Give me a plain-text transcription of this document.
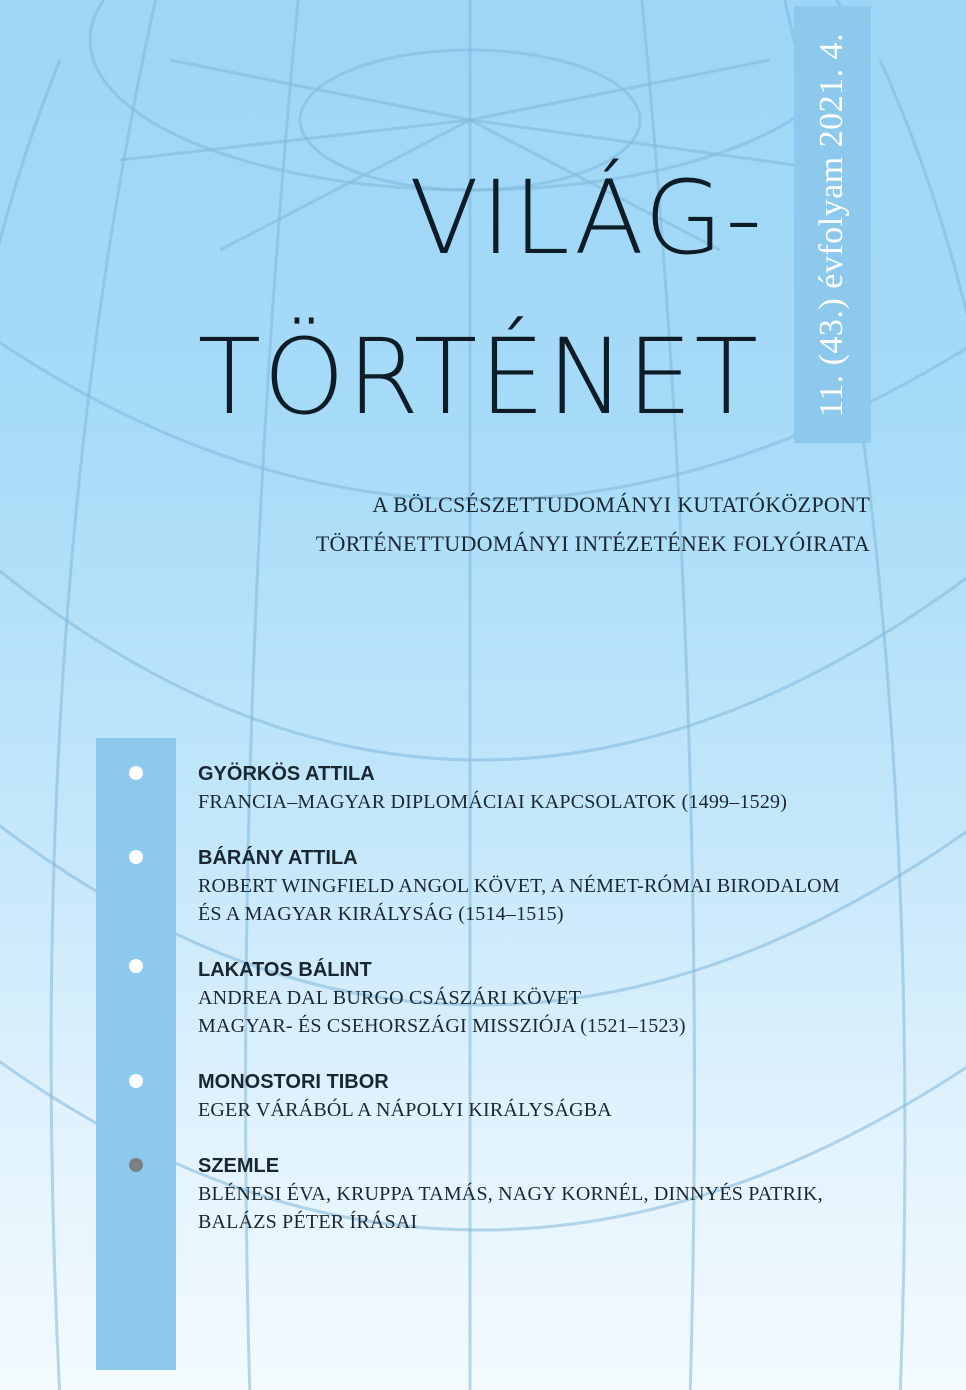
11. (43.) évfolyam 2021. 4.
VILÁG-
TÖRTÉNET
A BÖLCSÉSZETTUDOMÁNYI KUTATÓKÖZPONT
TÖRTÉNETTUDOMÁNYI INTÉZETÉNEK FOLYÓIRATA
GYÖRKÖS ATTILA
FRANCIA–MAGYAR DIPLOMÁCIAI KAPCSOLATOK (1499–1529)
BÁRÁNY ATTILA
ROBERT WINGFIELD ANGOL KÖVET, A NÉMET-RÓMAI BIRODALOM
ÉS A MAGYAR KIRÁLYSÁG (1514–1515)
LAKATOS BÁLINT
ANDREA DAL BURGO CSÁSZÁRI KÖVET
MAGYAR- ÉS CSEHORSZÁGI MISSZIÓJA (1521–1523)
MONOSTORI TIBOR
EGER VÁRÁBÓL A NÁPOLYI KIRÁLYSÁGBA
SZEMLE
BLÉNESI ÉVA, KRUPPA TAMÁS, NAGY KORNÉL, DINNYÉS PATRIK,
BALÁZS PÉTER ÍRÁSAI
